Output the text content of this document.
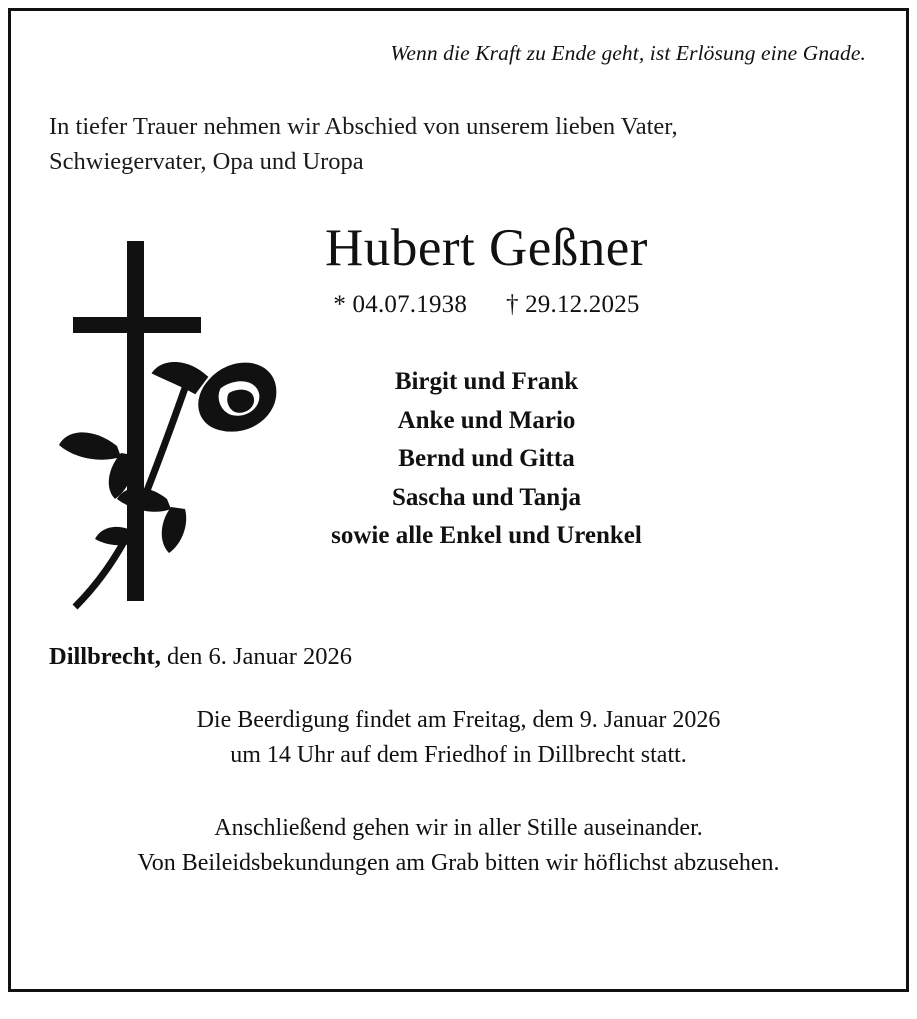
Wenn die Kraft zu Ende geht, ist Erlösung eine Gnade.
In tiefer Trauer nehmen wir Abschied von unserem lieben Vater,
Schwiegervater, Opa und Uropa
Hubert Geßner
* 04.07.1938 † 29.12.2025
Birgit und Frank
Anke und Mario
Bernd und Gitta
Sascha und Tanja
sowie alle Enkel und Urenkel
Dillbrecht, den 6. Januar 2026
Die Beerdigung findet am Freitag, dem 9. Januar 2026
um 14 Uhr auf dem Friedhof in Dillbrecht statt.
Anschließend gehen wir in aller Stille auseinander.
Von Beileidsbekundungen am Grab bitten wir höflichst abzusehen.
